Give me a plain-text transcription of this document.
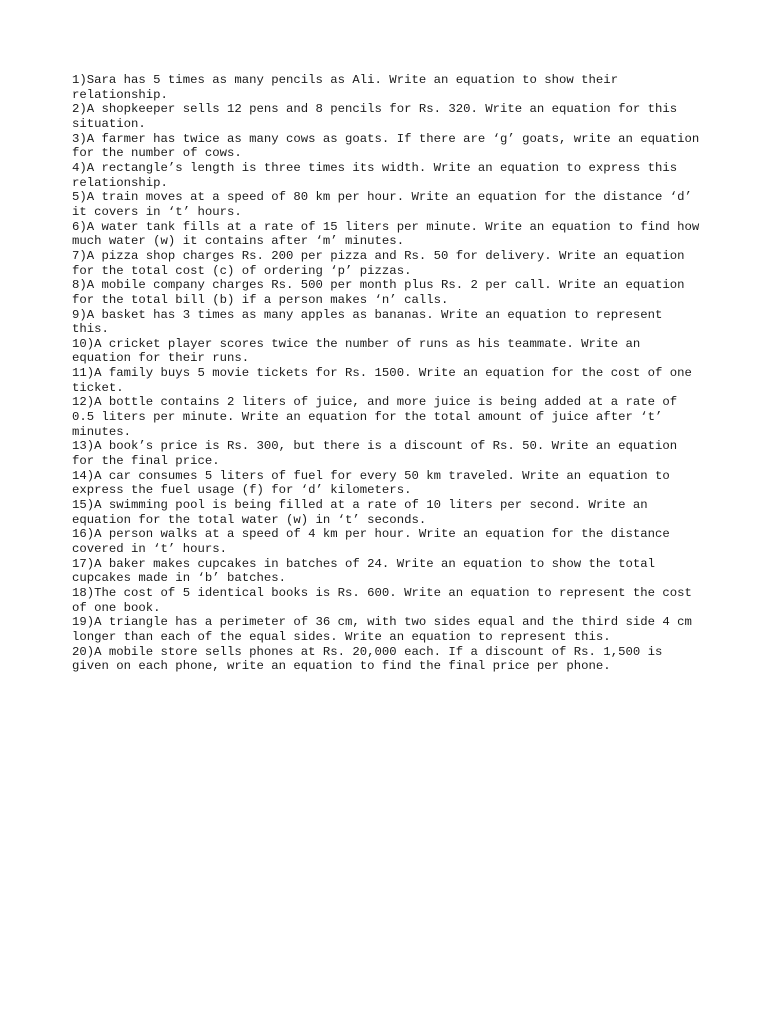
1)Sara has 5 times as many pencils as Ali. Write an equation to show their relationship.

2)A shopkeeper sells 12 pens and 8 pencils for Rs. 320. Write an equation for this situation.

3)A farmer has twice as many cows as goats. If there are ‘g’ goats, write an equation for the number of cows.

4)A rectangle’s length is three times its width. Write an equation to express this relationship.

5)A train moves at a speed of 80 km per hour. Write an equation for the distance ‘d’ it covers in ‘t’ hours.

6)A water tank fills at a rate of 15 liters per minute. Write an equation to find how much water (w) it contains after ‘m’ minutes.

7)A pizza shop charges Rs. 200 per pizza and Rs. 50 for delivery. Write an equation for the total cost (c) of ordering ‘p’ pizzas.

8)A mobile company charges Rs. 500 per month plus Rs. 2 per call. Write an equation for the total bill (b) if a person makes ‘n’ calls.

9)A basket has 3 times as many apples as bananas. Write an equation to represent this.

10)A cricket player scores twice the number of runs as his teammate. Write an equation for their runs.

11)A family buys 5 movie tickets for Rs. 1500. Write an equation for the cost of one ticket.

12)A bottle contains 2 liters of juice, and more juice is being added at a rate of 0.5 liters per minute. Write an equation for the total amount of juice after ‘t’ minutes.

13)A book’s price is Rs. 300, but there is a discount of Rs. 50. Write an equation for the final price.

14)A car consumes 5 liters of fuel for every 50 km traveled. Write an equation to express the fuel usage (f) for ‘d’ kilometers.

15)A swimming pool is being filled at a rate of 10 liters per second. Write an equation for the total water (w) in ‘t’ seconds.

16)A person walks at a speed of 4 km per hour. Write an equation for the distance covered in ‘t’ hours.

17)A baker makes cupcakes in batches of 24. Write an equation to show the total cupcakes made in ‘b’ batches.

18)The cost of 5 identical books is Rs. 600. Write an equation to represent the cost of one book.

19)A triangle has a perimeter of 36 cm, with two sides equal and the third side 4 cm longer than each of the equal sides. Write an equation to represent this.

20)A mobile store sells phones at Rs. 20,000 each. If a discount of Rs. 1,500 is given on each phone, write an equation to find the final price per phone.
